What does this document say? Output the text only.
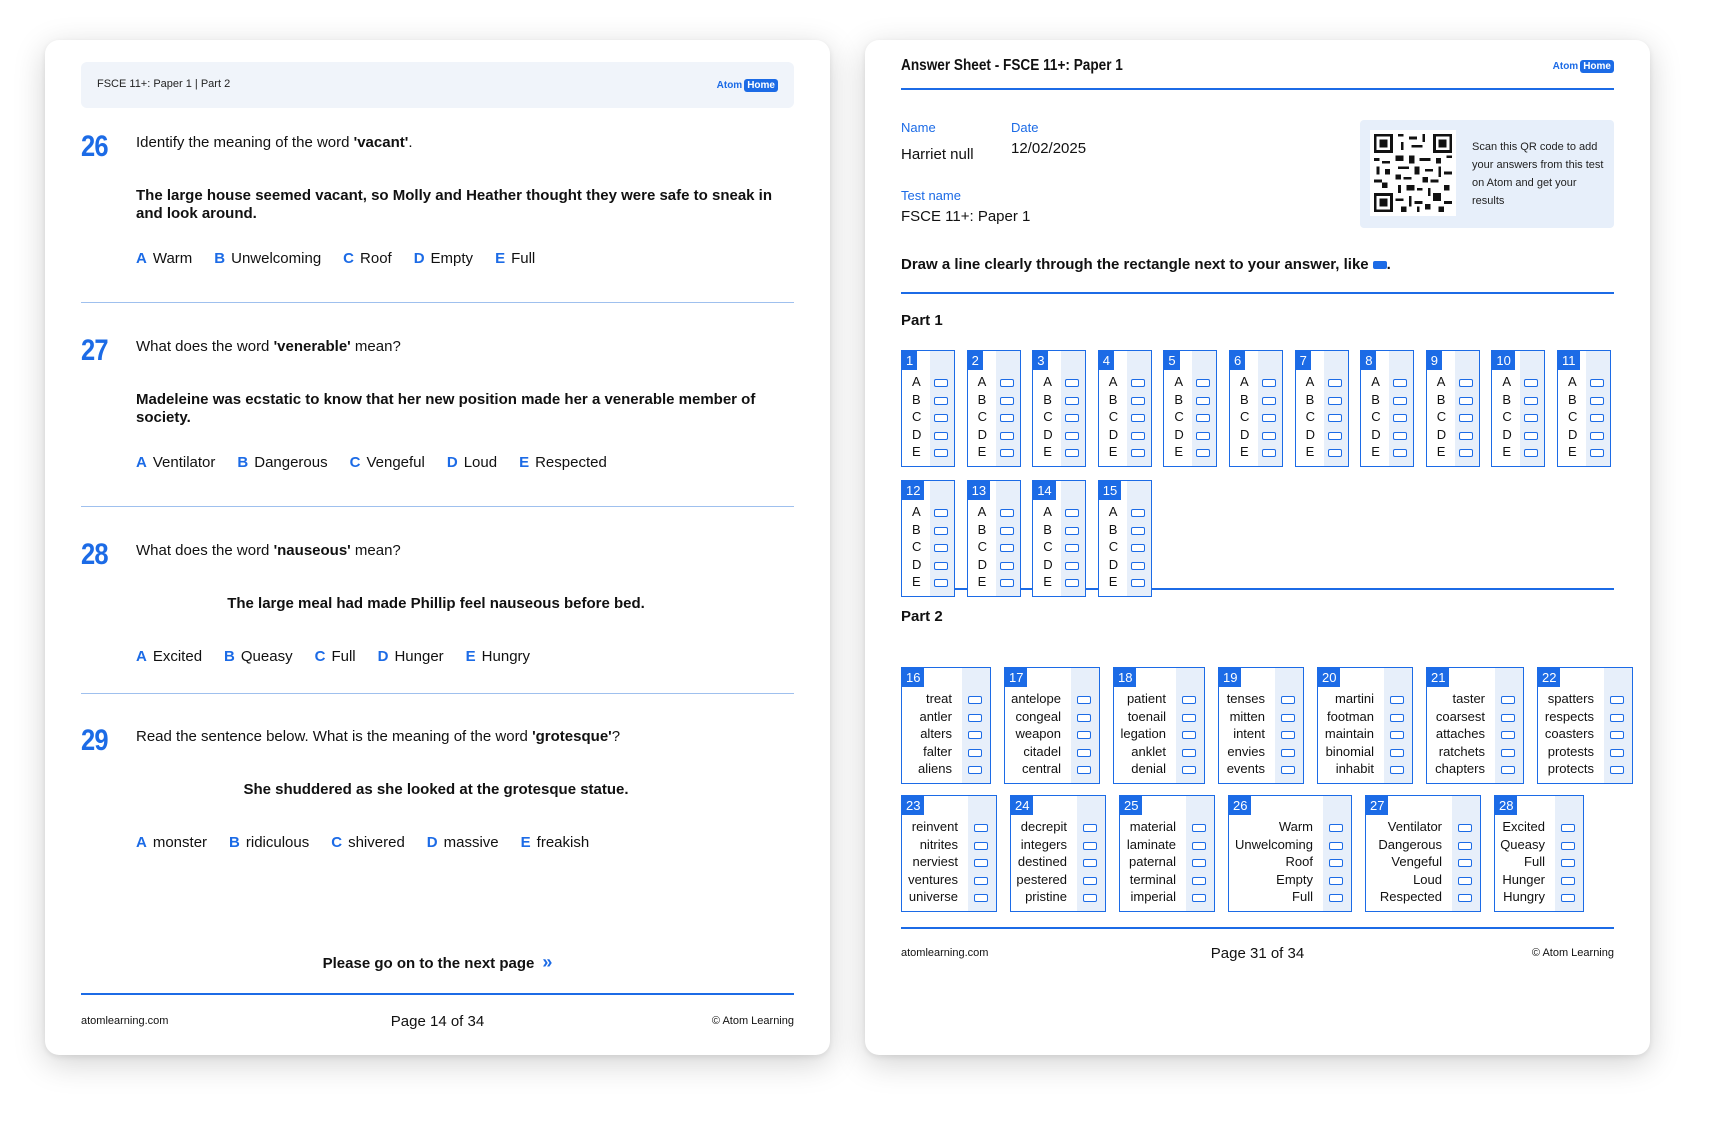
FSCE 11+: Paper 1 | Part 2	Atom Home
26 Identify the meaning of the word 'vacant'.
The large house seemed vacant, so Molly and Heather thought they were safe to sneak in and look around.
A Warm B Unwelcoming C Roof D Empty E Full
27 What does the word 'venerable' mean?
Madeleine was ecstatic to know that her new position made her a venerable member of society.
A Ventilator B Dangerous C Vengeful D Loud E Respected
28 What does the word 'nauseous' mean?
The large meal had made Phillip feel nauseous before bed.
A Excited B Queasy C Full D Hunger E Hungry
29 Read the sentence below. What is the meaning of the word 'grotesque'?
She shuddered as she looked at the grotesque statue.
A monster B ridiculous C shivered D massive E freakish
Please go on to the next page »
atomlearning.com	Page 14 of 34	© Atom Learning
Answer Sheet - FSCE 11+: Paper 1	Atom Home
Name
Harriet null
Date
12/02/2025
Test name
FSCE 11+: Paper 1
Scan this QR code to add your answers from this test on Atom and get your results
Draw a line clearly through the rectangle next to your answer, like .
Part 1
Part 2
atomlearning.com	Page 31 of 34	© Atom Learning
1
A
B
C
D
E
2
A
B
C
D
E
3
A
B
C
D
E
4
A
B
C
D
E
5
A
B
C
D
E
6
A
B
C
D
E
7
A
B
C
D
E
8
A
B
C
D
E
9
A
B
C
D
E
10
A
B
C
D
E
11
A
B
C
D
E
12
A
B
C
D
E
13
A
B
C
D
E
14
A
B
C
D
E
15
A
B
C
D
E
16
treat
antler
alters
falter
aliens
17
antelope
congeal
weapon
citadel
central
18
patient
toenail
legation
anklet
denial
19
tenses
mitten
intent
envies
events
20
martini
footman
maintain
binomial
inhabit
21
taster
coarsest
attaches
ratchets
chapters
22
spatters
respects
coasters
protests
protects
23
reinvent
nitrites
nerviest
ventures
universe
24
decrepit
integers
destined
pestered
pristine
25
material
laminate
paternal
terminal
imperial
26
Warm
Unwelcoming
Roof
Empty
Full
27
Ventilator
Dangerous
Vengeful
Loud
Respected
28
Excited
Queasy
Full
Hunger
Hungry
